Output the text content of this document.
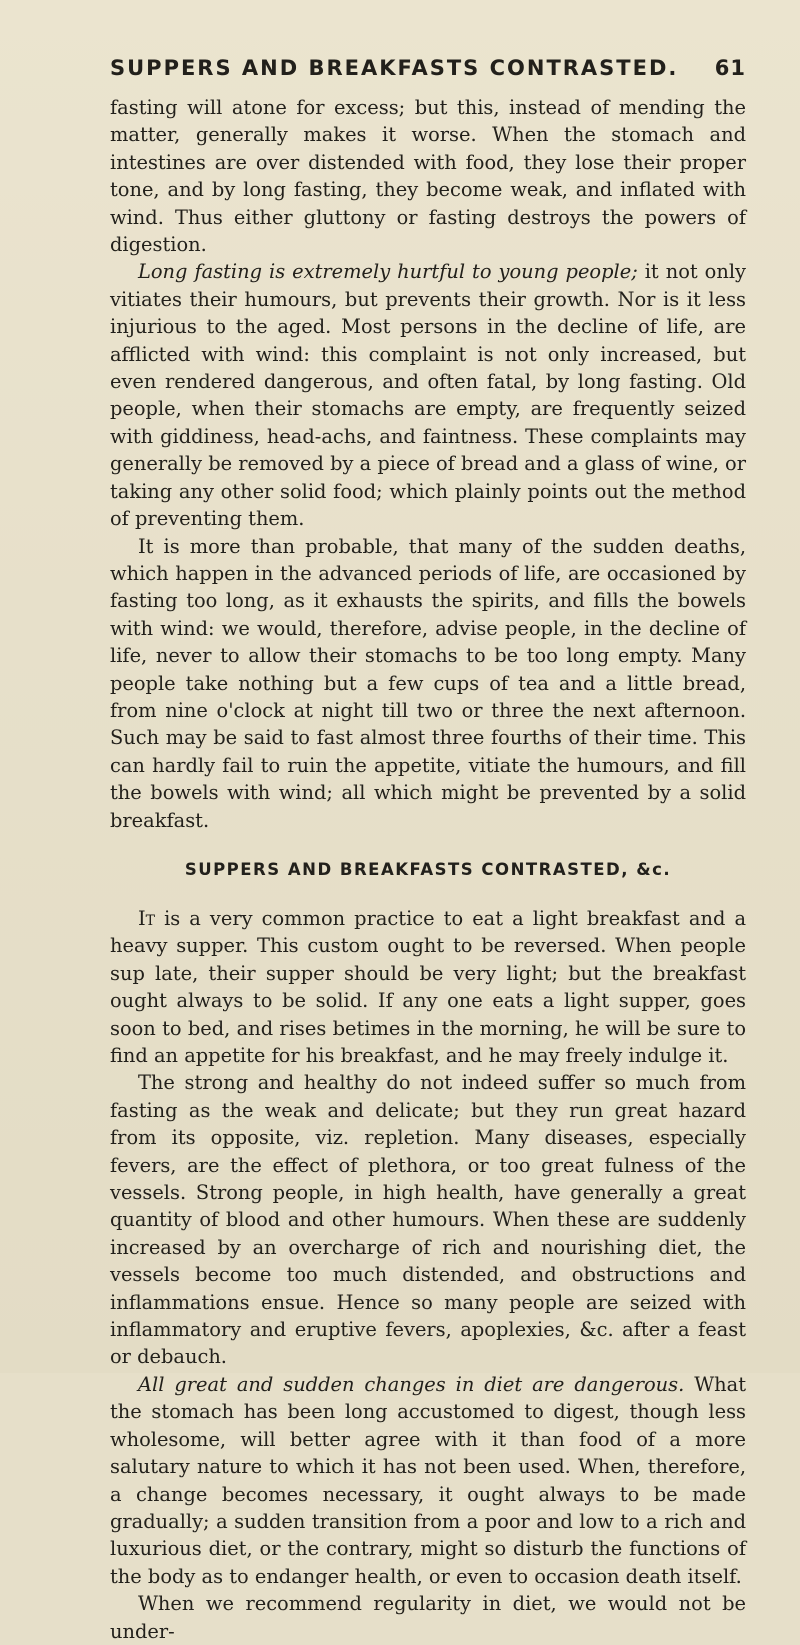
SUPPERS AND BREAKFASTS CONTRASTED. 61

fasting will atone for excess; but this, instead of mending the matter, generally makes it worse. When the stomach and intestines are over distended with food, they lose their proper tone, and by long fasting, they become weak, and inflated with wind. Thus either gluttony or fasting destroys the powers of digestion.

Long fasting is extremely hurtful to young people; it not only vitiates their humours, but prevents their growth. Nor is it less injurious to the aged. Most persons in the decline of life, are afflicted with wind: this complaint is not only increased, but even rendered dangerous, and often fatal, by long fasting. Old people, when their stomachs are empty, are frequently seized with giddiness, head-achs, and faintness. These complaints may generally be removed by a piece of bread and a glass of wine, or taking any other solid food; which plainly points out the method of preventing them.

It is more than probable, that many of the sudden deaths, which happen in the advanced periods of life, are occasioned by fasting too long, as it exhausts the spirits, and fills the bowels with wind: we would, therefore, advise people, in the decline of life, never to allow their stomachs to be too long empty. Many people take nothing but a few cups of tea and a little bread, from nine o'clock at night till two or three the next afternoon. Such may be said to fast almost three fourths of their time. This can hardly fail to ruin the appetite, vitiate the humours, and fill the bowels with wind; all which might be prevented by a solid breakfast.

SUPPERS AND BREAKFASTS CONTRASTED, &c.

It is a very common practice to eat a light breakfast and a heavy supper. This custom ought to be reversed. When people sup late, their supper should be very light; but the breakfast ought always to be solid. If any one eats a light supper, goes soon to bed, and rises betimes in the morning, he will be sure to find an appetite for his breakfast, and he may freely indulge it.

The strong and healthy do not indeed suffer so much from fasting as the weak and delicate; but they run great hazard from its opposite, viz. repletion. Many diseases, especially fevers, are the effect of plethora, or too great fulness of the vessels. Strong people, in high health, have generally a great quantity of blood and other humours. When these are suddenly increased by an overcharge of rich and nourishing diet, the vessels become too much distended, and obstructions and inflammations ensue. Hence so many people are seized with inflammatory and eruptive fevers, apoplexies, &c. after a feast or debauch.

All great and sudden changes in diet are dangerous. What the stomach has been long accustomed to digest, though less wholesome, will better agree with it than food of a more salutary nature to which it has not been used. When, therefore, a change becomes necessary, it ought always to be made gradually; a sudden transition from a poor and low to a rich and luxurious diet, or the contrary, might so disturb the functions of the body as to endanger health, or even to occasion death itself.

When we recommend regularity in diet, we would not be under-
